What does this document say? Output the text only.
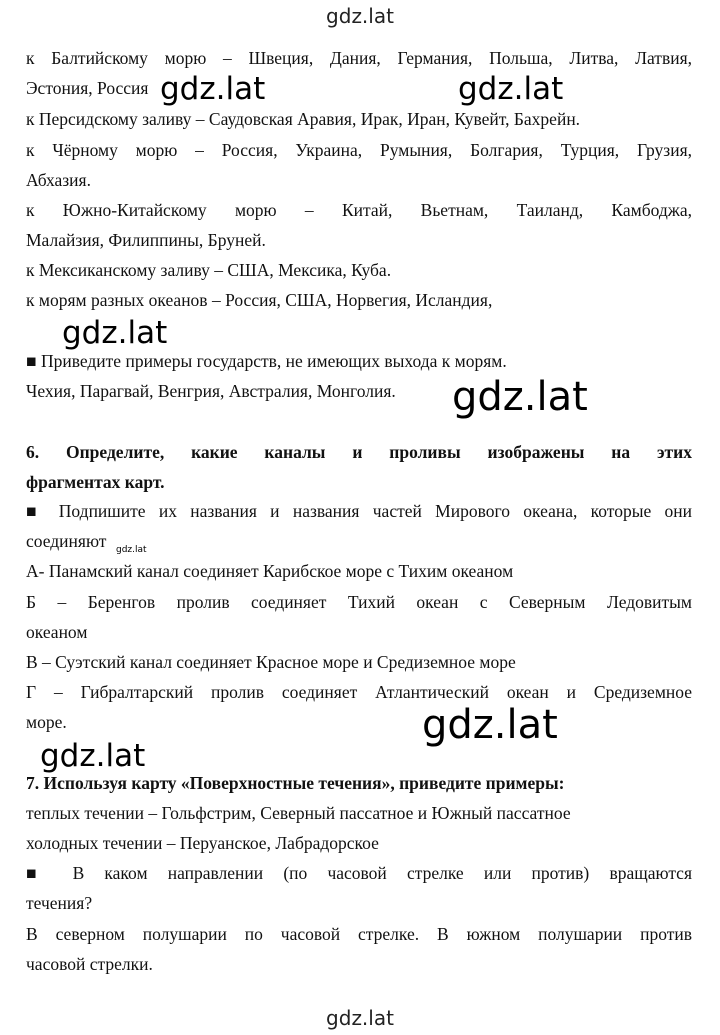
gdz.lat
к Балтийскому морю – Швеция, Дания, Германия, Польша, Литва, Латвия,
Эстония, Россия
к Персидскому заливу – Саудовская Аравия, Ирак, Иран, Кувейт, Бахрейн.
к Чёрному морю – Россия, Украина, Румыния, Болгария, Турция, Грузия,
Абхазия.
к Южно-Китайскому морю – Китай, Вьетнам, Таиланд, Камбоджа,
Малайзия, Филиппины, Бруней.
к Мексиканскому заливу – США, Мексика, Куба.
к морям разных океанов – Россия, США, Норвегия, Исландия,
■ Приведите примеры государств, не имеющих выхода к морям.
Чехия, Парагвай, Венгрия, Австралия, Монголия.
6. Определите, какие каналы и проливы изображены на этих
фрагментах карт.
■ Подпишите их названия и названия частей Мирового океана, которые они
соединяют
А- Панамский канал соединяет Карибское море с Тихим океаном
Б – Беренгов пролив соединяет Тихий океан с Северным Ледовитым
океаном
В – Суэтский канал соединяет Красное море и Средиземное море
Г – Гибралтарский пролив соединяет Атлантический океан и Средиземное
море.
7. Используя карту «Поверхностные течения», приведите примеры:
теплых течении – Гольфстрим, Северный пассатное и Южный пассатное
холодных течении – Перуанское, Лабрадорское
■ В каком направлении (по часовой стрелке или против) вращаются
течения?
В северном полушарии по часовой стрелке. В южном полушарии против
часовой стрелки.
gdz.lat	gdz.lat
gdz.lat
gdz.lat
gdz.lat
gdz.lat
gdz.lat
gdz.lat
